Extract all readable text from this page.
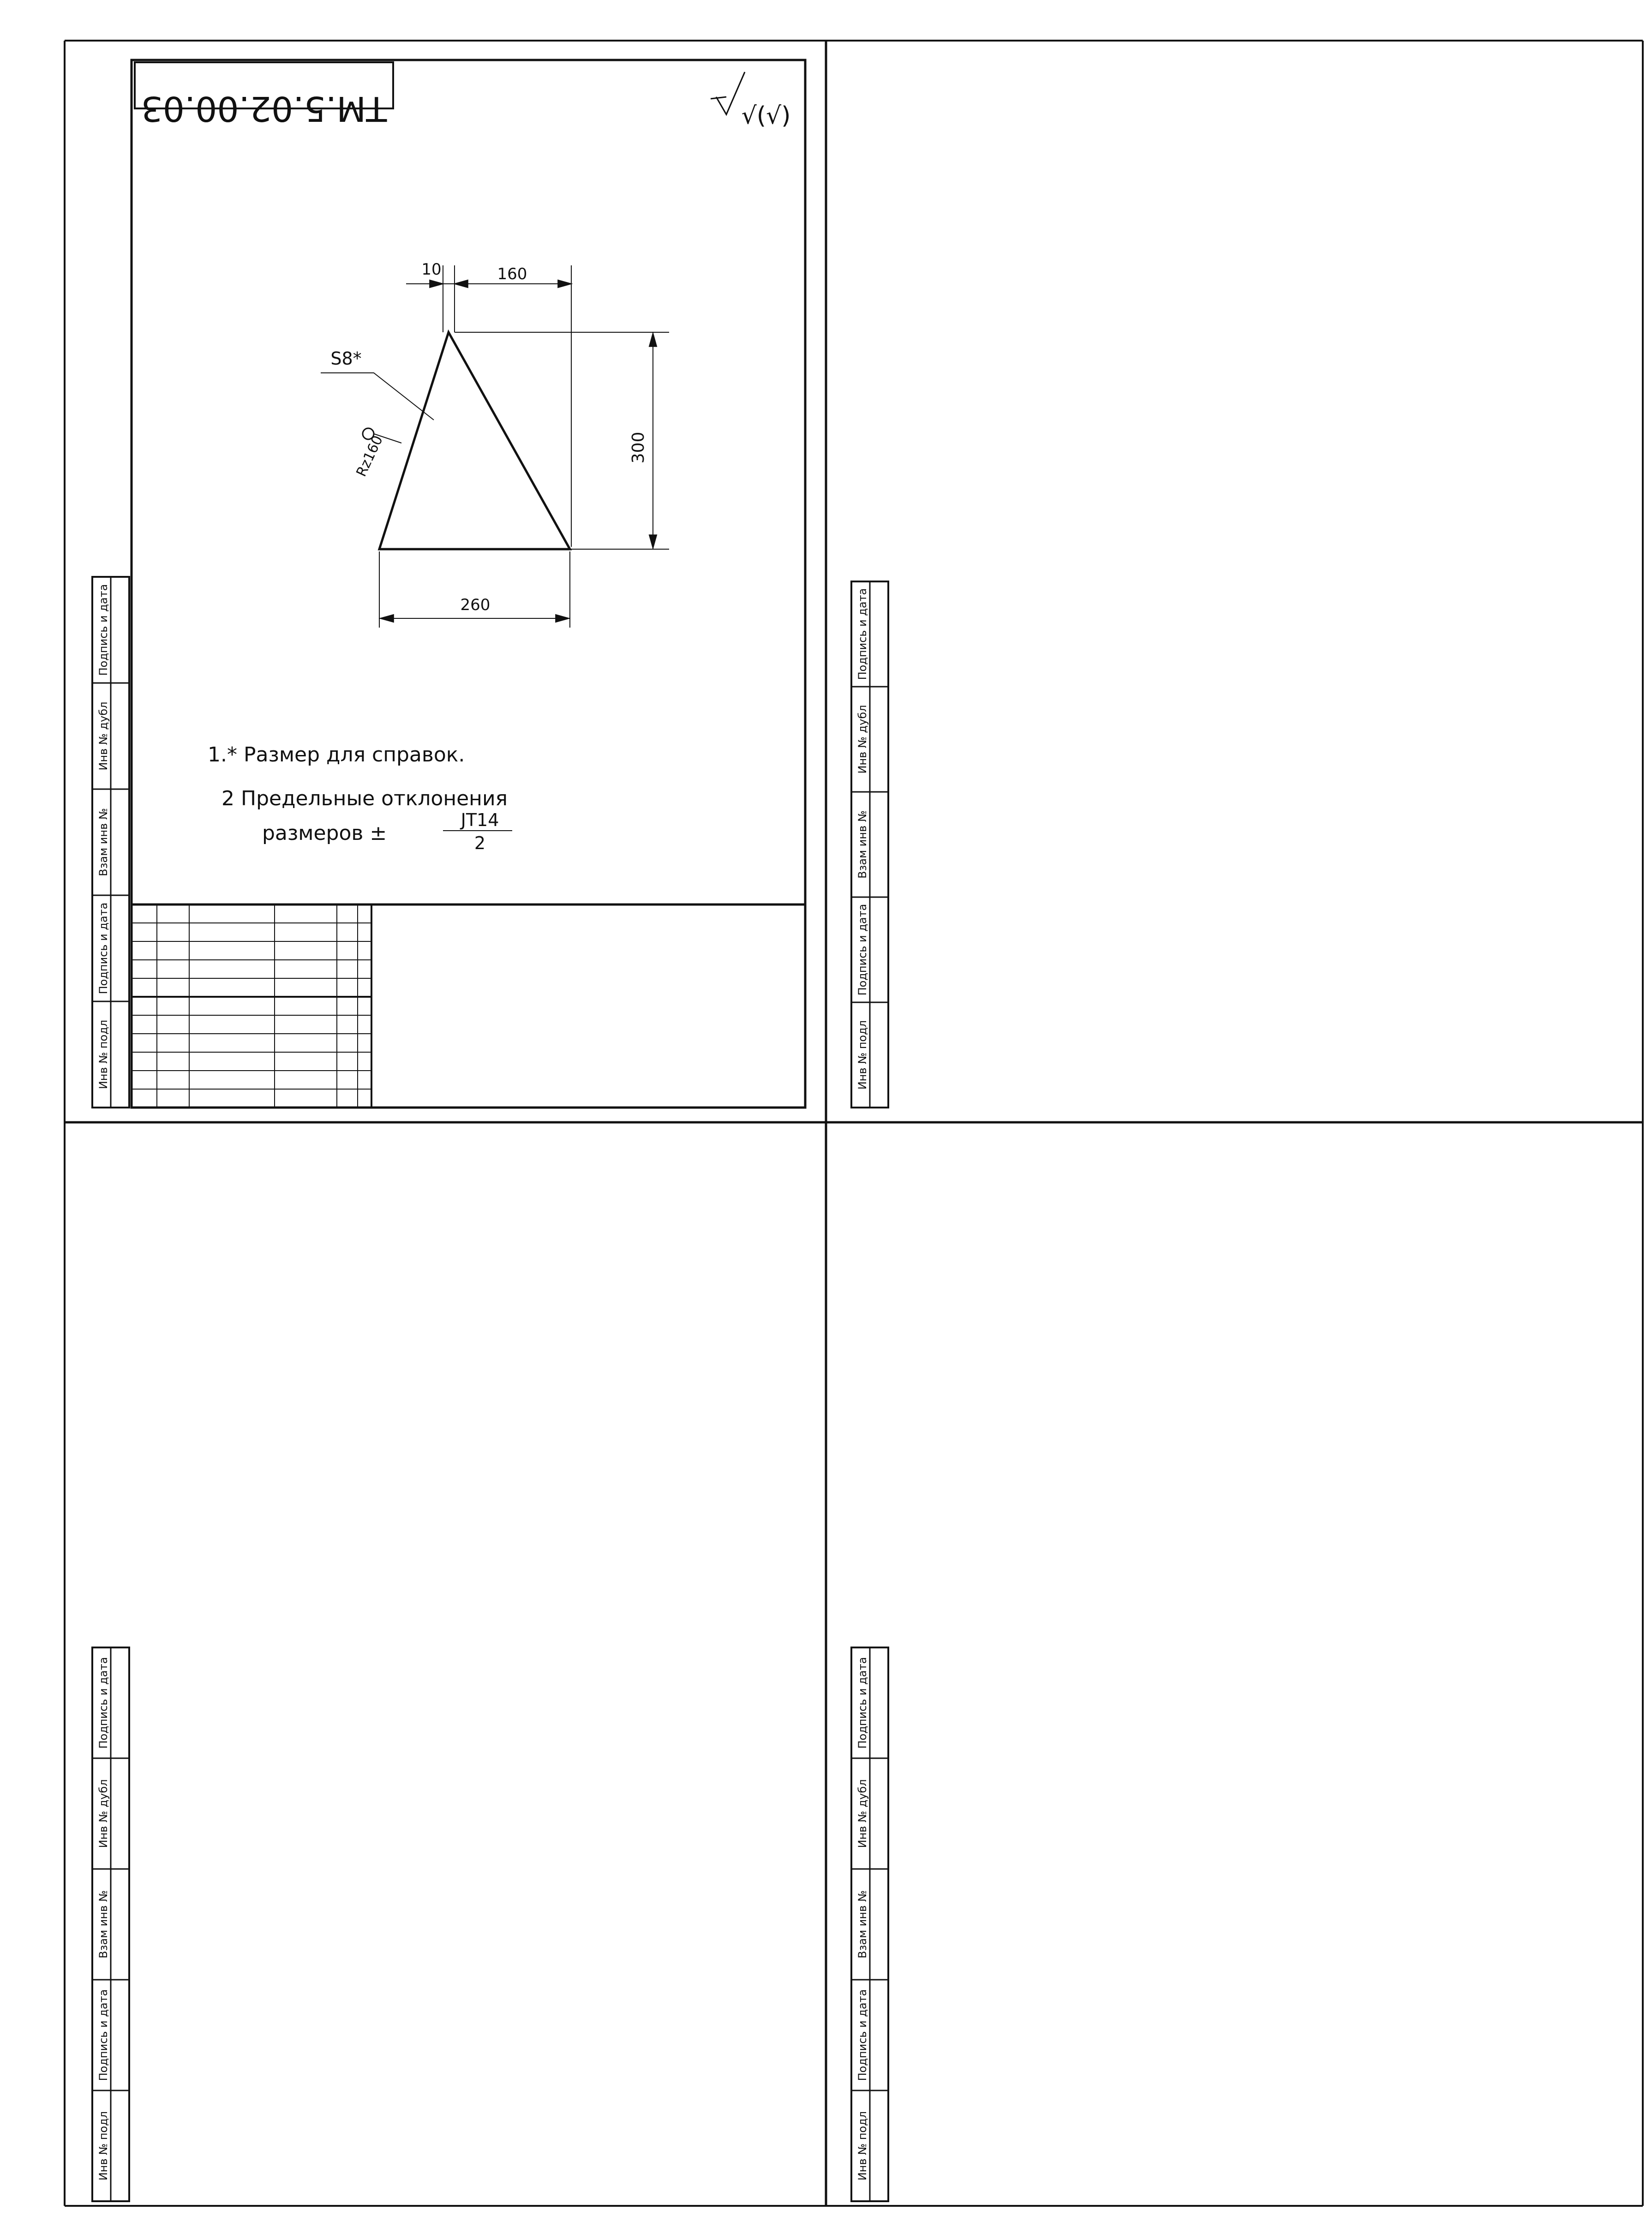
Подпись и дата
Инв № дубл
Взам инв №
Подпись и дата
Инв № подл
Подпись и дата
Инв № дубл
Взам инв №
Подпись и дата
Инв № подл
Подпись и дата
Инв № дубл
Взам инв №
Подпись и дата
Инв № подл
Подпись и дата
Инв № дубл
Взам инв №
Подпись и дата
Инв № подл
ТМ.5.02.00.03	√(√)
10	160
300
260
S8*
Rz160
1.* Размер для справок.
2 Предельные отклонения
размеров ±
JT14
2
